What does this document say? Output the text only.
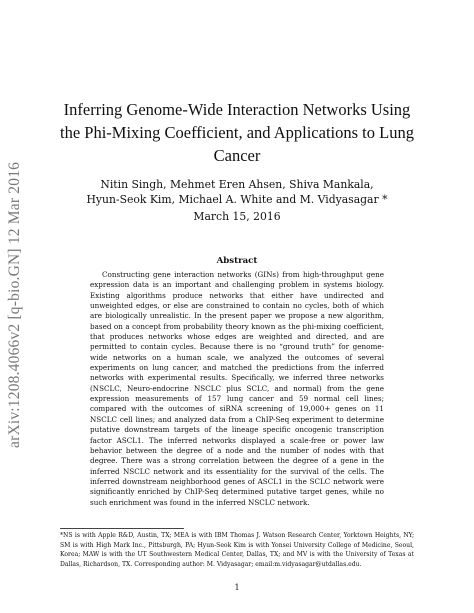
arXiv:1208.4066v2 [q-bio.GN] 12 Mar 2016
Inferring Genome-Wide Interaction Networks Using the Phi-Mixing Coefficient, and Applications to Lung Cancer
Nitin Singh, Mehmet Eren Ahsen, Shiva Mankala,
Hyun-Seok Kim, Michael A. White and M. Vidyasagar *
March 15, 2016
Abstract
Constructing gene interaction networks (GINs) from high-throughput gene expression data is an important and challenging problem in systems biology. Existing algorithms produce networks that either have undirected and unweighted edges, or else are constrained to contain no cycles, both of which are biologically unrealistic. In the present paper we propose a new algorithm, based on a concept from probability theory known as the phi-mixing coefficient, that produces networks whose edges are weighted and directed, and are permitted to contain cycles. Because there is no “ground truth” for genome-wide networks on a human scale, we analyzed the outcomes of several experiments on lung cancer, and matched the predictions from the inferred networks with experimental results. Specifically, we inferred three networks (NSCLC, Neuro-endocrine NSCLC plus SCLC, and normal) from the gene expression measurements of 157 lung cancer and 59 normal cell lines; compared with the outcomes of siRNA screening of 19,000+ genes on 11 NSCLC cell lines; and analyzed data from a ChIP-Seq experiment to determine putative downstream targets of the lineage specific oncogenic transcription factor ASCL1. The inferred networks displayed a scale-free or power law behavior between the degree of a node and the number of nodes with that degree. There was a strong correlation between the degree of a gene in the inferred NSCLC network and its essentiality for the survival of the cells. The inferred downstream neighborhood genes of ASCL1 in the SCLC network were significantly enriched by ChIP-Seq determined putative target genes, while no such enrichment was found in the inferred NSCLC network.
*NS is with Apple R&D, Austin, TX; MEA is with IBM Thomas J. Watson Research Center, Yorktown Heights, NY; SM is with High Mark Inc., Pittsburgh, PA; Hyun-Seok Kim is with Yonsei University College of Medicine, Seoul, Korea; MAW is with the UT Southwestern Medical Center, Dallas, TX; and MV is with the University of Texas at Dallas, Richardson, TX. Corresponding author: M. Vidyasagar; email:m.vidyasagar@utdallas.edu.
1
